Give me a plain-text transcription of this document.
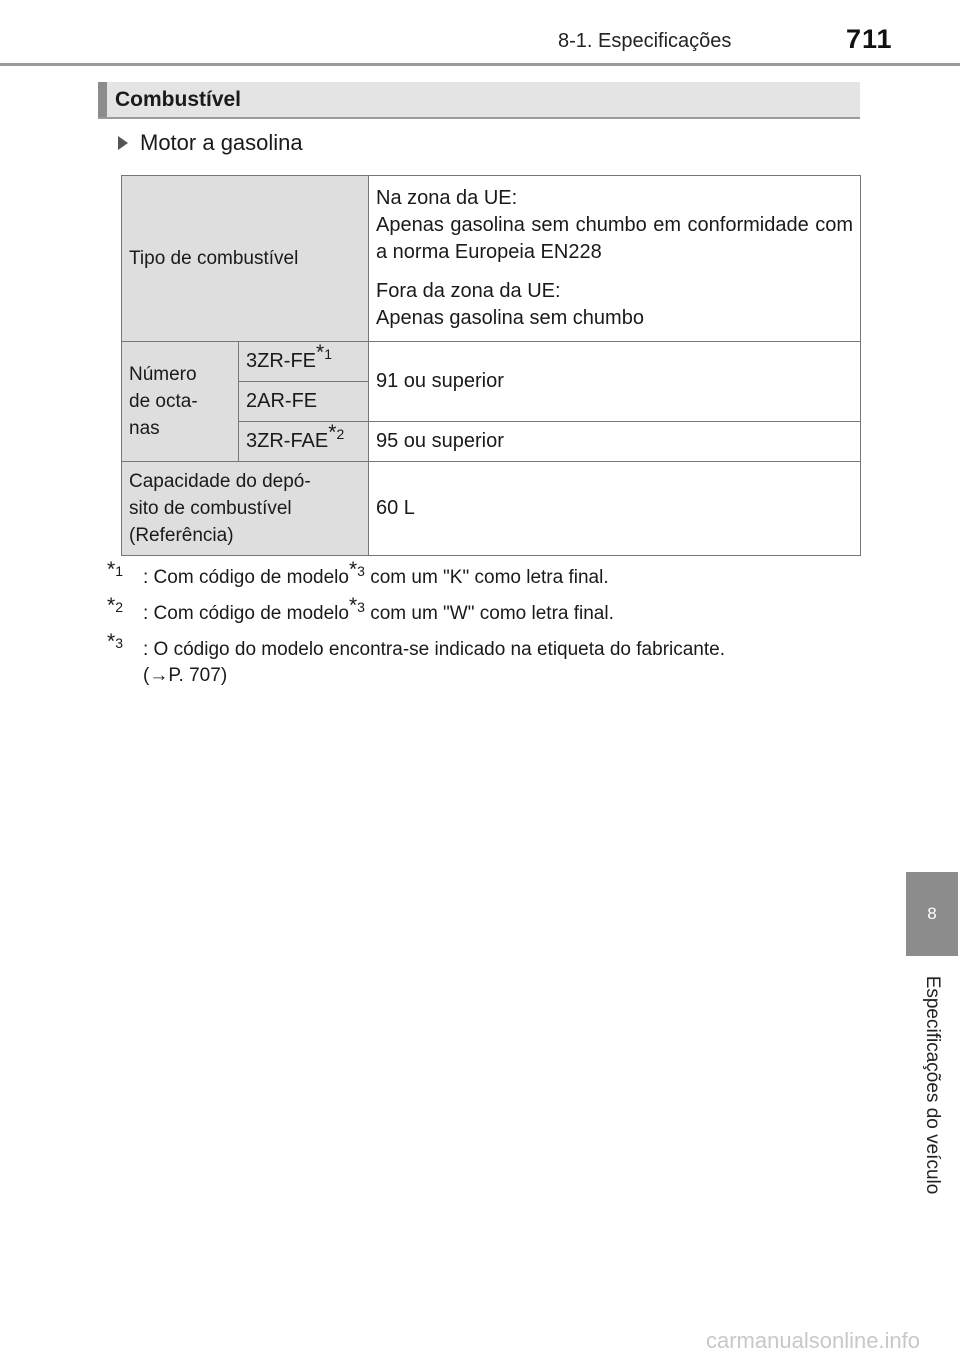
8-1. Especificações	711
Combustível
Motor a gasolina
Tipo de combustível		Na zona da UE:

Apenas gasolina sem chumbo em conformidade com a norma Europeia EN228

Fora da zona da UE:
Apenas gasolina sem chumbo

Número
de octa-
nas	3ZR-FE$^{*1}$	91 ou superior
	2AR-FE	
	3ZR-FAE$^{*2}$	95 ou superior
Capacidade do depó-
sito de combustível
(Referência)		60 L
$^{*1}$ : Com código de modelo$^{*3}$ com um "K" como letra final.
$^{*2}$ : Com código de modelo$^{*3}$ com um "W" como letra final.
$^{*3}$ : O código do modelo encontra-se indicado na etiqueta do fabricante.
(→P. 707)
8
Especificações do veículo
carmanualsonline.info
